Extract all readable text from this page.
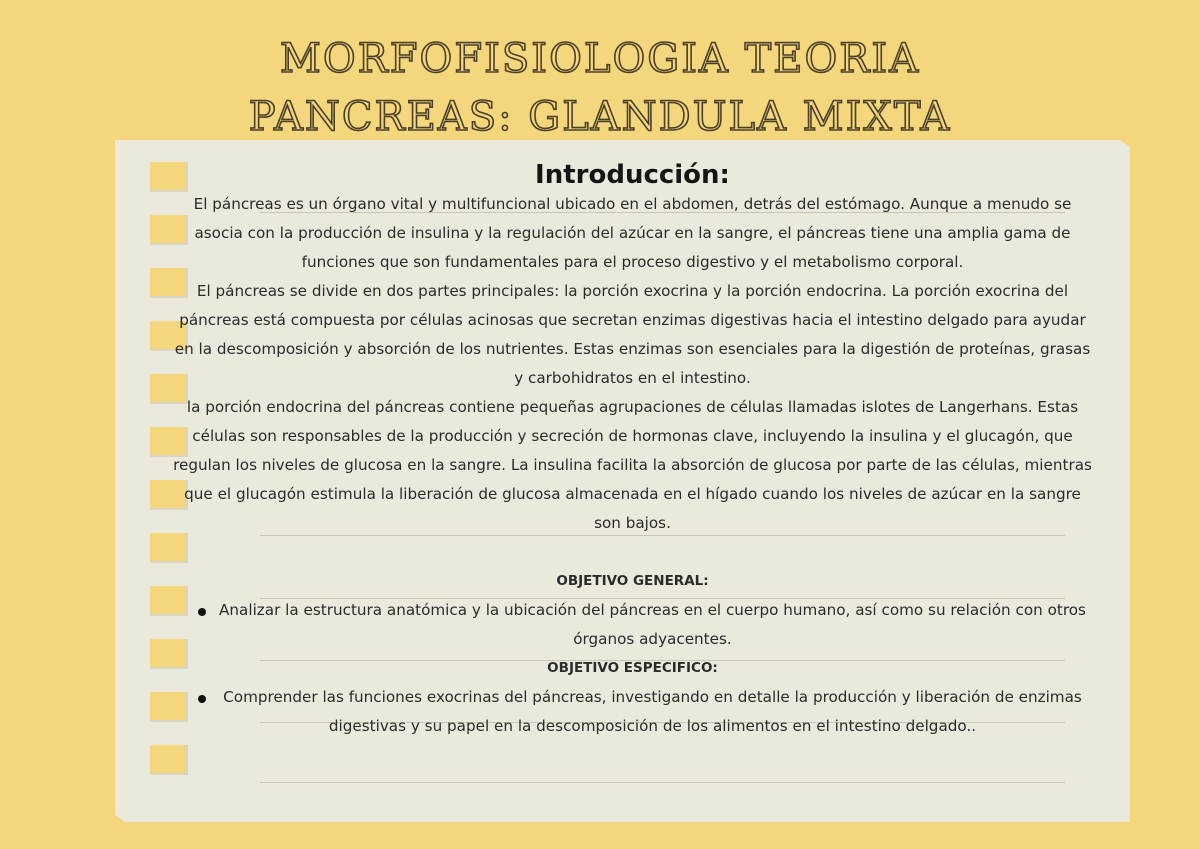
MORFOFISIOLOGIA TEORIA
PANCREAS: GLANDULA MIXTA
Introducción:

El páncreas es un órgano vital y multifuncional ubicado en el abdomen, detrás del estómago. Aunque a menudo se asocia con la producción de insulina y la regulación del azúcar en la sangre, el páncreas tiene una amplia gama de funciones que son fundamentales para el proceso digestivo y el metabolismo corporal.

El páncreas se divide en dos partes principales: la porción exocrina y la porción endocrina. La porción exocrina del páncreas está compuesta por células acinosas que secretan enzimas digestivas hacia el intestino delgado para ayudar en la descomposición y absorción de los nutrientes. Estas enzimas son esenciales para la digestión de proteínas, grasas y carbohidratos en el intestino.

la porción endocrina del páncreas contiene pequeñas agrupaciones de células llamadas islotes de Langerhans. Estas células son responsables de la producción y secreción de hormonas clave, incluyendo la insulina y el glucagón, que regulan los niveles de glucosa en la sangre. La insulina facilita la absorción de glucosa por parte de las células, mientras que el glucagón estimula la liberación de glucosa almacenada en el hígado cuando los niveles de azúcar en la sangre son bajos.

OBJETIVO GENERAL:

Analizar la estructura anatómica y la ubicación del páncreas en el cuerpo humano, así como su relación con otros órganos adyacentes.

OBJETIVO ESPECIFICO:

Comprender las funciones exocrinas del páncreas, investigando en detalle la producción y liberación de enzimas digestivas y su papel en la descomposición de los alimentos en el intestino delgado..
